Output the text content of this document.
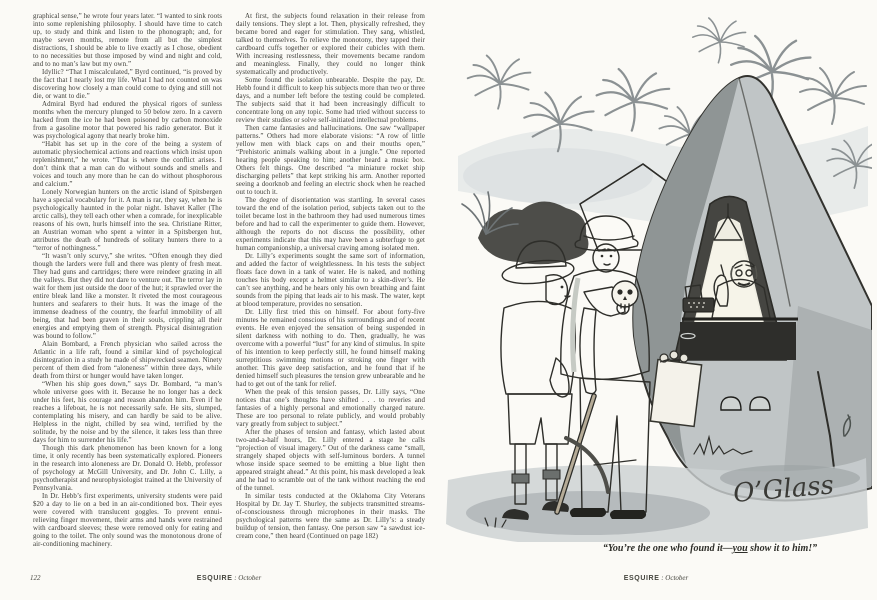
graphical sense,” he wrote four years later. “I wanted to sink roots into some replenishing philosophy. I should have time to catch up, to study and think and listen to the phonograph; and, for maybe seven months, remote from all but the simplest distractions, I should be able to live exactly as I chose, obedient to no necessities but those imposed by wind and night and cold, and to no man’s law but my own.”

Idyllic? “That I miscalculated,” Byrd continued, “is proved by the fact that I nearly lost my life. What I had not counted on was discovering how closely a man could come to dying and still not die, or want to die.”

Admiral Byrd had endured the physical rigors of sunless months when the mercury plunged to 50 below zero. In a cavern hacked from the ice he had been poisoned by carbon monoxide from a gasoline motor that powered his radio generator. But it was psychological agony that nearly broke him.

“Habit has set up in the core of the being a system of automatic physiochemical actions and reactions which insist upon replenishment,” he wrote. “That is where the conflict arises. I don’t think that a man can do without sounds and smells and voices and touch any more than he can do without phosphorous and calcium.”

Lonely Norwegian hunters on the arctic island of Spitsbergen have a special vocabulary for it. A man is rar, they say, when he is psychologically haunted in the polar night. Ishavet Kaller (The arctic calls), they tell each other when a comrade, for inexplicable reasons of his own, hurls himself into the sea. Christiane Ritter, an Austrian woman who spent a winter in a Spitsbergen hut, attributes the death of hundreds of solitary hunters there to a “terror of nothingness.”

“It wasn’t only scurvy,” she writes. “Often enough they died though the larders were full and there was plenty of fresh meat. They had guns and cartridges; there were reindeer grazing in all the valleys. But they did not dare to venture out. The terror lay in wait for them just outside the door of the hut; it sprawled over the entire bleak land like a monster. It riveted the most courageous hunters and seafarers to their huts. It was the image of the immense deadness of the country, the fearful immobility of all being, that had been graven in their souls, crippling all their energies and emptying them of strength. Physical disintegration was bound to follow.”

Alain Bombard, a French physician who sailed across the Atlantic in a life raft, found a similar kind of psychological disintegration in a study he made of shipwrecked seamen. Ninety percent of them died from “aloneness” within three days, while death from thirst or hunger would have taken longer.

“When his ship goes down,” says Dr. Bombard, “a man’s whole universe goes with it. Because he no longer has a deck under his feet, his courage and reason abandon him. Even if he reaches a lifeboat, he is not necessarily safe. He sits, slumped, contemplating his misery, and can hardly be said to be alive. Helpless in the night, chilled by sea wind, terrified by the solitude, by the noise and by the silence, it takes less than three days for him to surrender his life.”

Though this dark phenomenon has been known for a long time, it only recently has been systematically explored. Pioneers in the research into aloneness are Dr. Donald O. Hebb, professor of psychology at McGill University, and Dr. John C. Lilly, a psychotherapist and neurophysiologist trained at the University of Pennsylvania.

In Dr. Hebb’s first experiments, university students were paid $20 a day to lie on a bed in an air-conditioned box. Their eyes were covered with translucent goggles. To prevent ennui-relieving finger movement, their arms and hands were restrained with cardboard sleeves; these were removed only for eating and going to the toilet. The only sound was the monotonous drone of air-conditioning machinery.

At first, the subjects found relaxation in their release from daily tensions. They slept a lot. Then, physically refreshed, they became bored and eager for stimulation. They sang, whistled, talked to themselves. To relieve the monotony, they tapped their cardboard cuffs together or explored their cubicles with them. With increasing restlessness, their movements became random and meaningless. Finally, they could no longer think systematically and productively.

Some found the isolation unbearable. Despite the pay, Dr. Hebb found it difficult to keep his subjects more than two or three days, and a number left before the testing could be completed. The subjects said that it had been increasingly difficult to concentrate long on any topic. Some had tried without success to review their studies or solve self-initiated intellectual problems.

Then came fantasies and hallucinations. One saw “wallpaper patterns.” Others had more elaborate visions: “A row of little yellow men with black caps on and their mouths open,” “Prehistoric animals walking about in a jungle.” One reported hearing people speaking to him; another heard a music box. Others felt things. One described “a miniature rocket ship discharging pellets” that kept striking his arm. Another reported seeing a doorknob and feeling an electric shock when he reached out to touch it.

The degree of disorientation was startling. In several cases toward the end of the isolation period, subjects taken out to the toilet became lost in the bathroom they had used numerous times before and had to call the experimenter to guide them. However, although the reports do not discuss the possibility, other experiments indicate that this may have been a subterfuge to get human companionship, a universal craving among isolated men.

Dr. Lilly’s experiments sought the same sort of information, and added the factor of weightlessness. In his tests the subject floats face down in a tank of water. He is naked, and nothing touches his body except a helmet similar to a skin-diver’s. He can’t see anything, and he hears only his own breathing and faint sounds from the piping that leads air to his mask. The water, kept at blood temperature, provides no sensation.

Dr. Lilly first tried this on himself. For about forty-five minutes he remained conscious of his surroundings and of recent events. He even enjoyed the sensation of being suspended in silent darkness with nothing to do. Then, gradually, he was overcome with a powerful “lust” for any kind of stimulus. In spite of his intention to keep perfectly still, he found himself making surreptitious swimming motions or stroking one finger with another. This gave deep satisfaction, and he found that if he denied himself such pleasures the tension grew unbearable and he had to get out of the tank for relief.

When the peak of this tension passes, Dr. Lilly says, “One notices that one’s thoughts have shifted . . . to reveries and fantasies of a highly personal and emotionally charged nature. These are too personal to relate publicly, and would probably vary greatly from subject to subject.”

After the phases of tension and fantasy, which lasted about two-and-a-half hours, Dr. Lilly entered a stage he calls “projection of visual imagery.” Out of the darkness came “small, strangely shaped objects with self-luminous borders. A tunnel whose inside space seemed to be emitting a blue light then appeared straight ahead.” At this point, his mask developed a leak and he had to scramble out of the tank without reaching the end of the tunnel.

In similar tests conducted at the Oklahoma City Veterans Hospital by Dr. Jay T. Shurley, the subjects transmitted streams-of-consciousness through microphones in their masks. The psychological patterns were the same as Dr. Lilly’s: a steady buildup of tension, then fantasy. One person saw “a sawdust ice-cream cone,” then heard (Continued on page 182)

122	ESQUIRE : October	ESQUIRE : October
O’Glass
“You’re the one who found it—you show it to him!”
